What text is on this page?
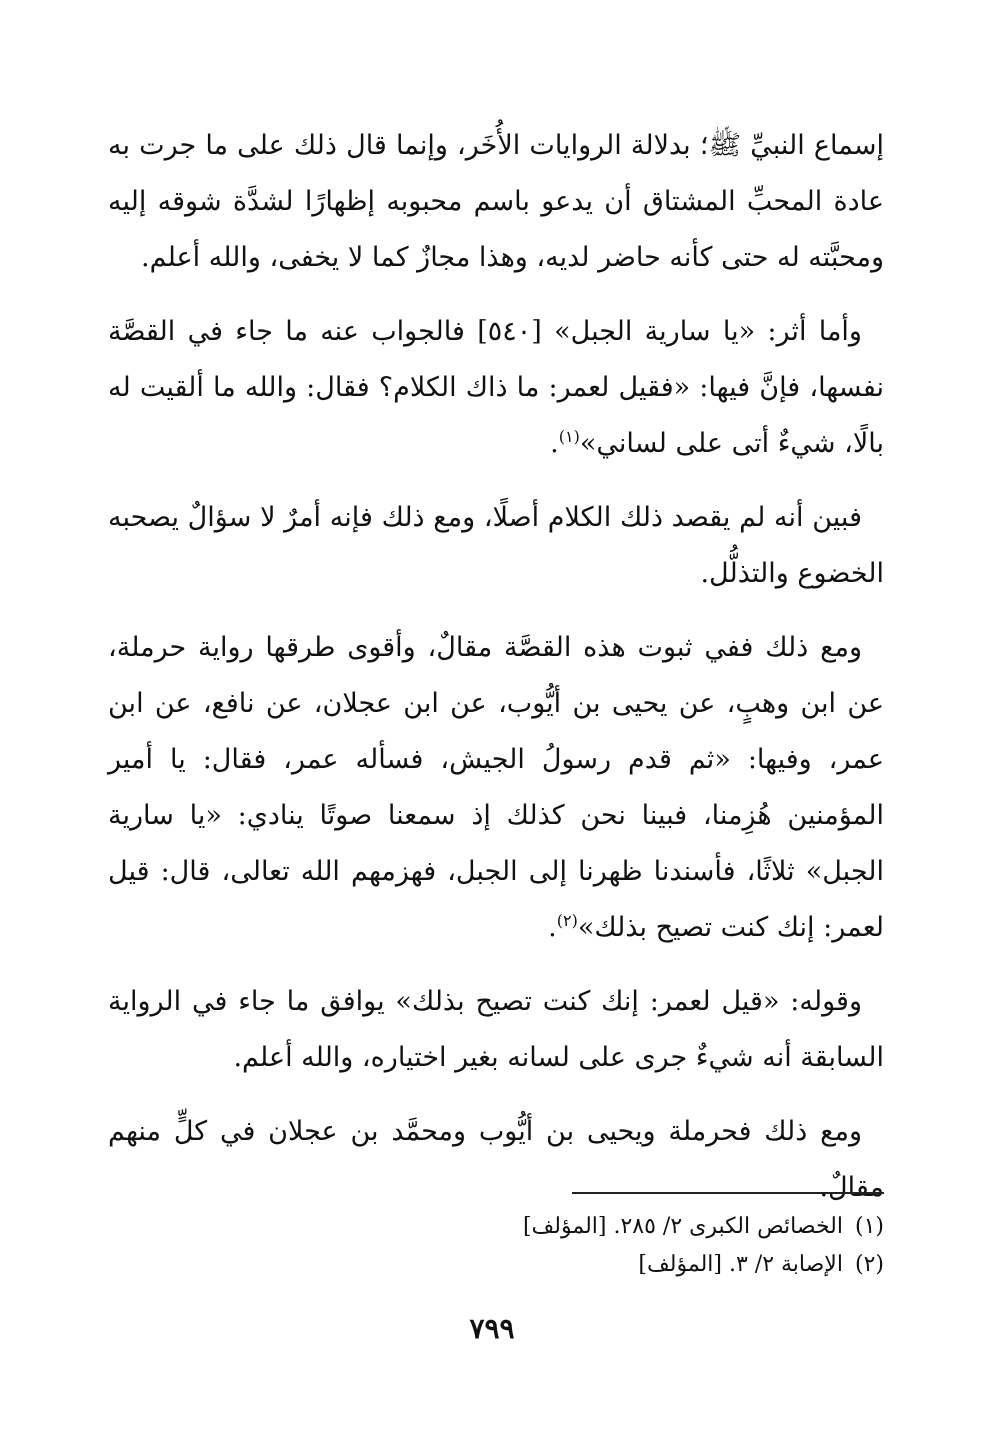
إسماع النبيِّ ﷺ؛ بدلالة الروايات الأُخَر، وإنما قال ذلك على ما جرت به عادة المحبِّ المشتاق أن يدعو باسم محبوبه إظهارًا لشدَّة شوقه إليه ومحبَّته له حتى كأنه حاضر لديه، وهذا مجازٌ كما لا يخفى، والله أعلم.

وأما أثر: «يا سارية الجبل» [٥٤٠] فالجواب عنه ما جاء في القصَّة نفسها، فإنَّ فيها: «فقيل لعمر: ما ذاك الكلام؟ فقال: والله ما ألقيت له بالًا، شيءٌ أتى على لساني»$^{(١)}$.

فبين أنه لم يقصد ذلك الكلام أصلًا، ومع ذلك فإنه أمرٌ لا سؤالٌ يصحبه الخضوع والتذلُّل.

ومع ذلك ففي ثبوت هذه القصَّة مقالٌ، وأقوى طرقها رواية حرملة، عن ابن وهبٍ، عن يحيى بن أيُّوب، عن ابن عجلان، عن نافع، عن ابن عمر، وفيها: «ثم قدم رسولُ الجيش، فسأله عمر، فقال: يا أمير المؤمنين هُزِمنا، فبينا نحن كذلك إذ سمعنا صوتًا ينادي: «يا سارية الجبل» ثلاثًا، فأسندنا ظهرنا إلى الجبل، فهزمهم الله تعالى، قال: قيل لعمر: إنك كنت تصيح بذلك»$^{(٢)}$.

وقوله: «قيل لعمر: إنك كنت تصيح بذلك» يوافق ما جاء في الرواية السابقة أنه شيءٌ جرى على لسانه بغير اختياره، والله أعلم.

ومع ذلك فحرملة ويحيى بن أيُّوب ومحمَّد بن عجلان في كلٍّ منهم مقالٌ.

(١)
الخصائص الكبرى ٢/ ٢٨٥. [المؤلف]

(٢)
الإصابة ٢/ ٣. [المؤلف]

٧٩٩
